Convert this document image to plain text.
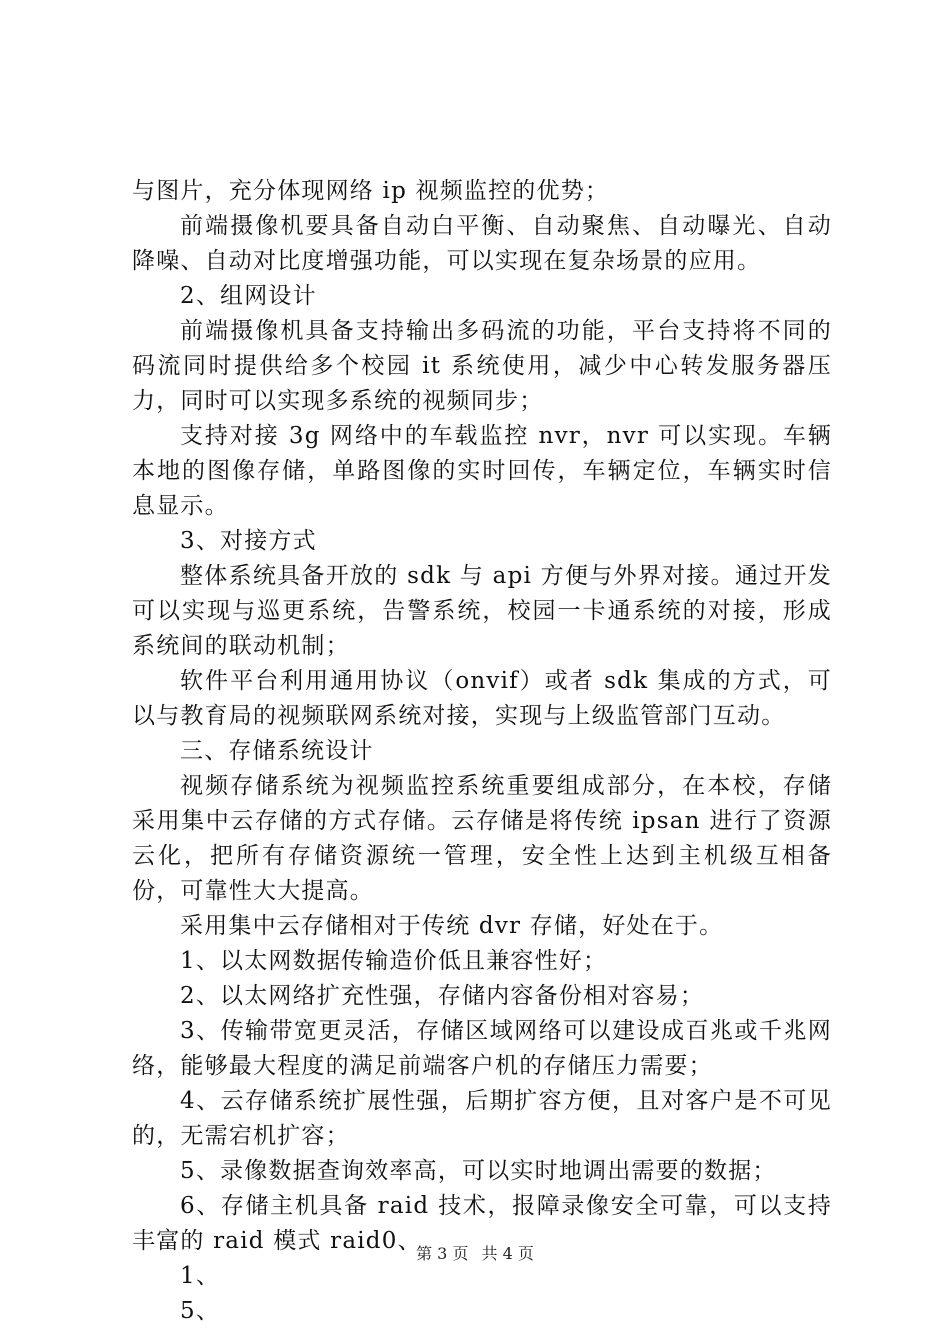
与图片，充分体现网络 ip 视频监控的优势；

前端摄像机要具备自动白平衡、自动聚焦、自动曝光、自动降噪、自动对比度增强功能，可以实现在复杂场景的应用。

2、组网设计

前端摄像机具备支持输出多码流的功能，平台支持将不同的码流同时提供给多个校园 it 系统使用，减少中心转发服务器压力，同时可以实现多系统的视频同步；

支持对接 3g 网络中的车载监控 nvr，nvr 可以实现。车辆本地的图像存储，单路图像的实时回传，车辆定位，车辆实时信息显示。

3、对接方式

整体系统具备开放的 sdk 与 api 方便与外界对接。通过开发可以实现与巡更系统，告警系统，校园一卡通系统的对接，形成系统间的联动机制；

软件平台利用通用协议（onvif）或者 sdk 集成的方式，可以与教育局的视频联网系统对接，实现与上级监管部门互动。

三、存储系统设计

视频存储系统为视频监控系统重要组成部分，在本校，存储采用集中云存储的方式存储。云存储是将传统 ipsan 进行了资源云化，把所有存储资源统一管理，安全性上达到主机级互相备份，可靠性大大提高。

采用集中云存储相对于传统 dvr 存储，好处在于。

1、以太网数据传输造价低且兼容性好；

2、以太网络扩充性强，存储内容备份相对容易；

3、传输带宽更灵活，存储区域网络可以建设成百兆或千兆网络，能够最大程度的满足前端客户机的存储压力需要；

4、云存储系统扩展性强，后期扩容方便，且对客户是不可见的，无需宕机扩容；

5、录像数据查询效率高，可以实时地调出需要的数据；

6、存储主机具备 raid 技术，报障录像安全可靠，可以支持丰富的 raid 模式 raid0、

1、

5、

第 3 页 共 4 页
